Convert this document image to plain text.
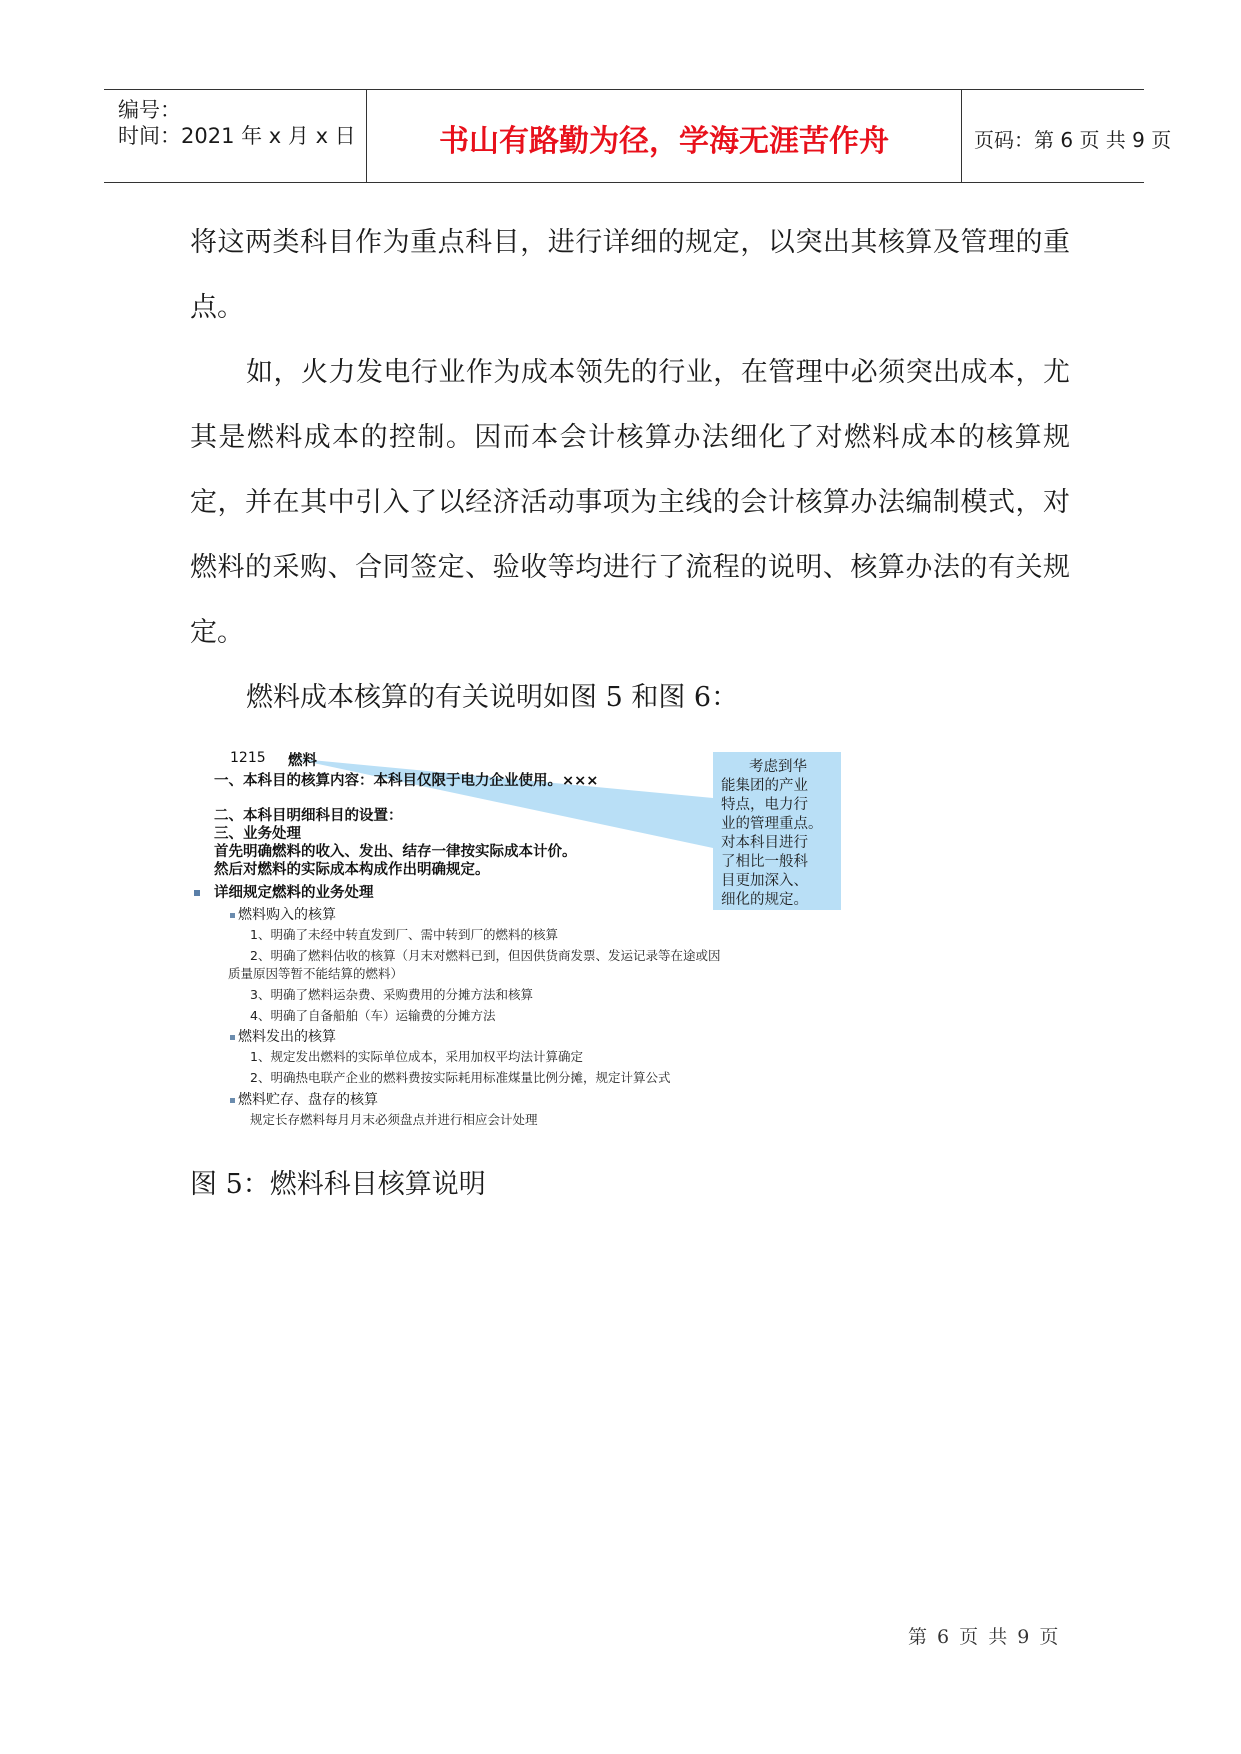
编号：
时间：2021 年 x 月 x 日	书山有路勤为径，学海无涯苦作舟	页码：第 6 页 共 9 页

将这两类科目作为重点科目，进行详细的规定，以突出其核算及管理的重点。

如，火力发电行业作为成本领先的行业，在管理中必须突出成本，尤其是燃料成本的控制。因而本会计核算办法细化了对燃料成本的核算规定，并在其中引入了以经济活动事项为主线的会计核算办法编制模式，对燃料的采购、合同签定、验收等均进行了流程的说明、核算办法的有关规定。

燃料成本核算的有关说明如图 5 和图 6：

1215 燃料
一、本科目的核算内容：本科目仅限于电力企业使用。×××
二、本科目明细科目的设置：
三、业务处理
首先明确燃料的收入、发出、结存一律按实际成本计价。
然后对燃料的实际成本构成作出明确规定。
详细规定燃料的业务处理
燃料购入的核算
1、明确了未经中转直发到厂、需中转到厂的燃料的核算
2、明确了燃料估收的核算（月末对燃料已到，但因供货商发票、发运记录等在途或因
质量原因等暂不能结算的燃料）
3、明确了燃料运杂费、采购费用的分摊方法和核算
4、明确了自备船舶（车）运输费的分摊方法
燃料发出的核算
1、规定发出燃料的实际单位成本，采用加权平均法计算确定
2、明确热电联产企业的燃料费按实际耗用标准煤量比例分摊，规定计算公式
燃料贮存、盘存的核算
规定长存燃料每月月末必须盘点并进行相应会计处理
考虑到华
能集团的产业
特点，电力行
业的管理重点。
对本科目进行
了相比一般科
目更加深入、
细化的规定。
图 5：燃料科目核算说明
第 6 页 共 9 页
